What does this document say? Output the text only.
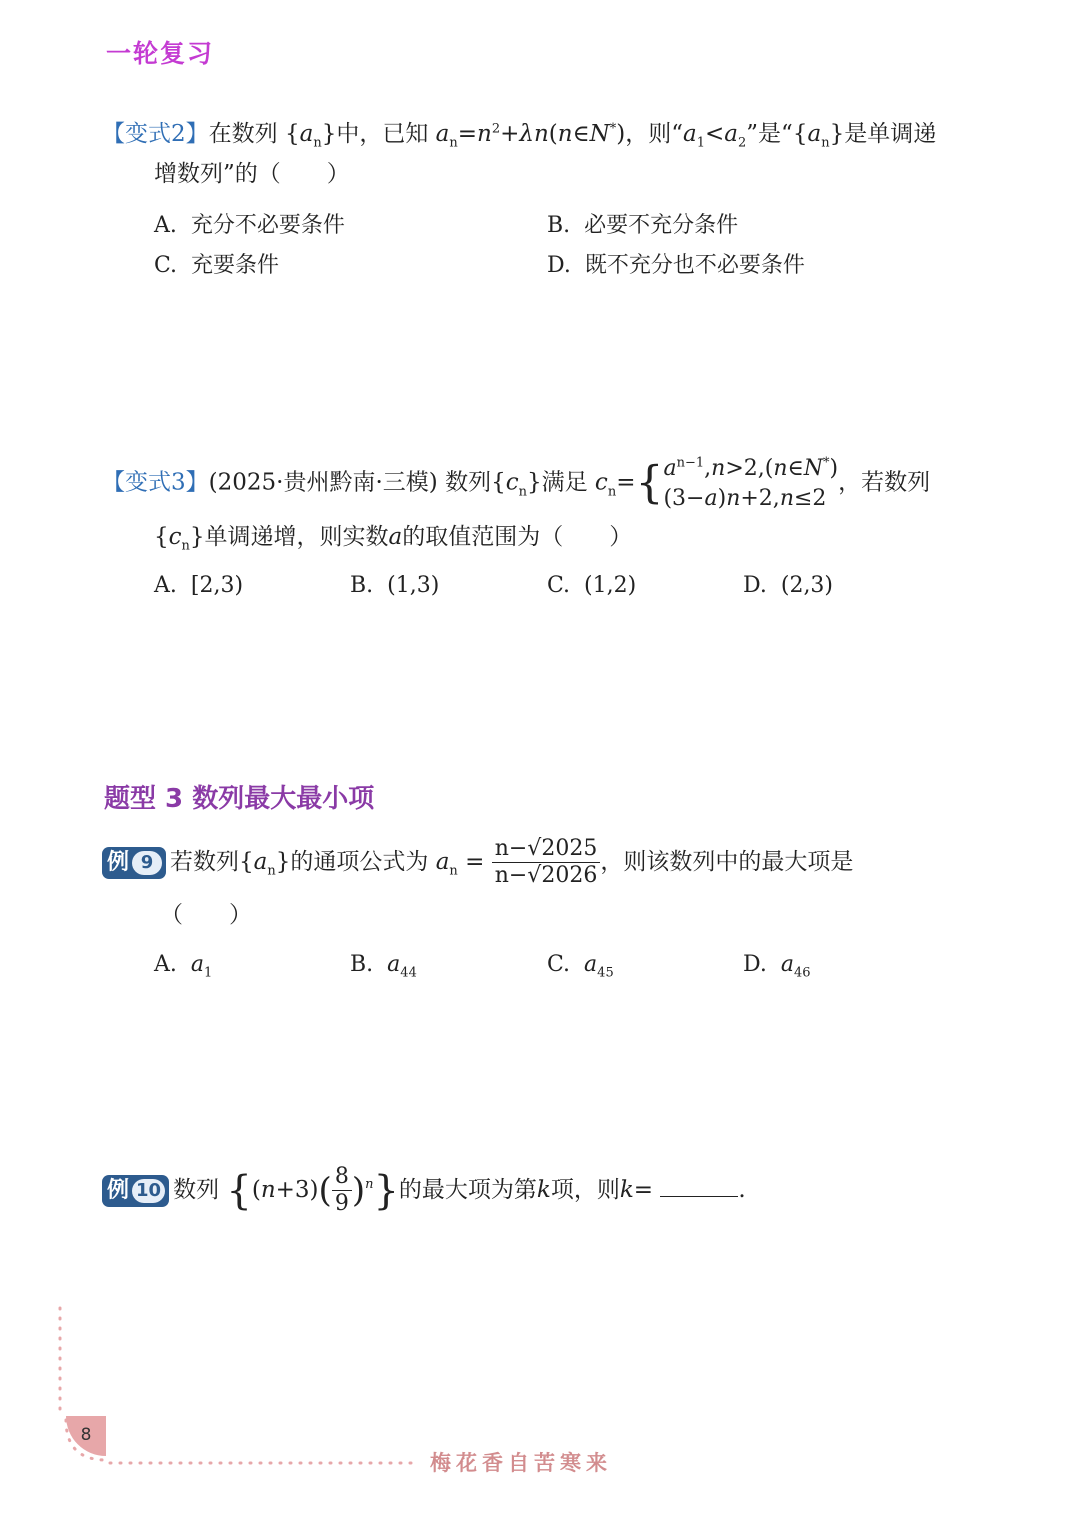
一轮复习
【变式2】在数列 $\{a_n\}$中，已知 $a_n=n^2+\lambda n(n\in N^*)$，则“$a_1<a_2$”是“$\{a_n\}$是单调递
增数列”的（　　）
A. 充分不必要条件	B. 必要不充分条件
C. 充要条件	D. 既不充分也不必要条件
【变式3】(2025·贵州黔南·三模) 数列$\{c_n\}$满足 $c_n=\{a^{n-1},n>2,(n\in N^*)$
(3−a)n+2,n≤2，若数列
$\{c_n\}$单调递增，则实数a的取值范围为（　　）
A. [2,3)	B. (1,3)	C. (1,2)	D. (2,3)
题型 3 数列最大最小项
例 9 若数列$\{a_n\}$的通项公式为 $a_n = \frac{n-√2025}{n-√2026}$ ，则该数列中的最大项是
（　　）
A. $a_1$	B. $a_{44}$	C. $a_{45}$	D. $a_{46}$
例 10 数列 $\{(n+3)( \frac{8}{9} )^n\}$的最大项为第k项，则k=	.
8
梅花香自苦寒来
